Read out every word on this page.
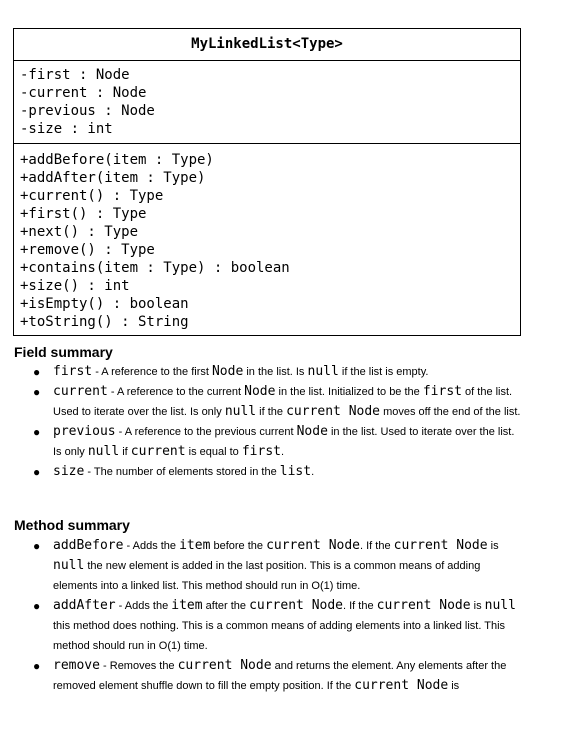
MyLinkedList<Type>
-first : Node
-current : Node
-previous : Node
-size : int
+addBefore(item : Type)
+addAfter(item : Type)
+current() : Type
+first() : Type
+next() : Type
+remove() : Type
+contains(item : Type) : boolean
+size() : int
+isEmpty() : boolean
+toString() : String
Field summary
● first - A reference to the first Node in the list. Is null if the list is empty.
● current - A reference to the current Node in the list. Initialized to be the first of the list. Used to iterate over the list. Is only null if the current Node moves off the end of the list.
● previous - A reference to the previous current Node in the list. Used to iterate over the list. Is only null if current is equal to first.
● size - The number of elements stored in the list.
Method summary
● addBefore - Adds the item before the current Node. If the current Node is null the new element is added in the last position. This is a common means of adding elements into a linked list. This method should run in O(1) time.
● addAfter - Adds the item after the current Node. If the current Node is null this method does nothing. This is a common means of adding elements into a linked list. This method should run in O(1) time.
● remove - Removes the current Node and returns the element. Any elements after the removed element shuffle down to fill the empty position. If the current Node is
